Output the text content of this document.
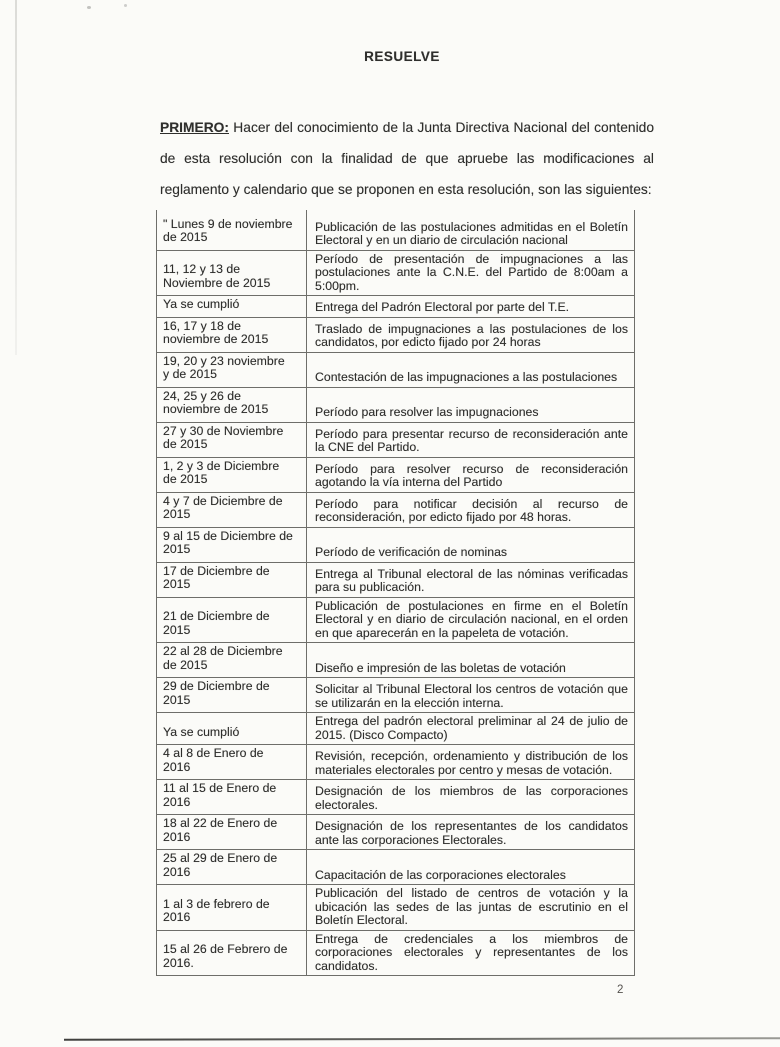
RESUELVE

PRIMERO: Hacer del conocimiento de la Junta Directiva Nacional del contenido de esta resolución con la finalidad de que apruebe las modificaciones al reglamento y calendario que se proponen en esta resolución, son las siguientes:

" Lunes 9 de noviembre de 2015	Publicación de las postulaciones admitidas en el Boletín Electoral y en un diario de circulación nacional
11, 12 y 13 de Noviembre de 2015	Período de presentación de impugnaciones a las postulaciones ante la C.N.E. del Partido de 8:00am a 5:00pm.
Ya se cumplió	Entrega del Padrón Electoral por parte del T.E.
16, 17 y 18 de noviembre de 2015	Traslado de impugnaciones a las postulaciones de los candidatos, por edicto fijado por 24 horas
19, 20 y 23 noviembre y de 2015	Contestación de las impugnaciones a las postulaciones
24, 25 y 26 de noviembre de 2015	Período para resolver las impugnaciones
27 y 30 de Noviembre de 2015	Período para presentar recurso de reconsideración ante la CNE del Partido.
1, 2 y 3 de Diciembre de 2015	Período para resolver recurso de reconsideración agotando la vía interna del Partido
4 y 7 de Diciembre de 2015	Período para notificar decisión al recurso de reconsideración, por edicto fijado por 48 horas.
9 al 15 de Diciembre de 2015	Período de verificación de nominas
17 de Diciembre de 2015	Entrega al Tribunal electoral de las nóminas verificadas para su publicación.
21 de Diciembre de 2015	Publicación de postulaciones en firme en el Boletín Electoral y en diario de circulación nacional, en el orden en que aparecerán en la papeleta de votación.
22 al 28 de Diciembre de 2015	Diseño e impresión de las boletas de votación
29 de Diciembre de 2015	Solicitar al Tribunal Electoral los centros de votación que se utilizarán en la elección interna.
Ya se cumplió	Entrega del padrón electoral preliminar al 24 de julio de 2015. (Disco Compacto)
4 al 8 de Enero de 2016	Revisión, recepción, ordenamiento y distribución de los materiales electorales por centro y mesas de votación.
11 al 15 de Enero de 2016	Designación de los miembros de las corporaciones electorales.
18 al 22 de Enero de 2016	Designación de los representantes de los candidatos ante las corporaciones Electorales.
25 al 29 de Enero de 2016	Capacitación de las corporaciones electorales
1 al 3 de febrero de 2016	Publicación del listado de centros de votación y la ubicación las sedes de las juntas de escrutinio en el Boletín Electoral.
15 al 26 de Febrero de 2016.	Entrega de credenciales a los miembros de corporaciones electorales y representantes de los candidatos.
2
